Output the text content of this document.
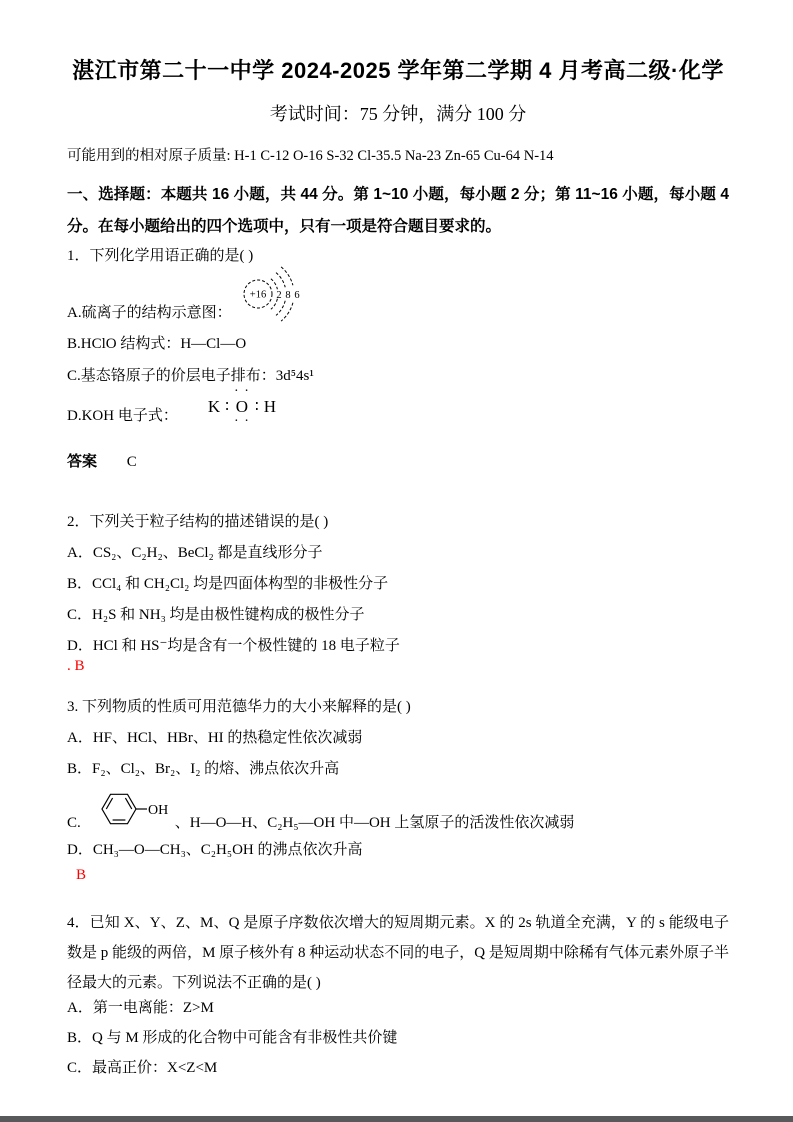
湛江市第二十一中学 2024-2025 学年第二学期 4 月考高二级·化学
考试时间：75 分钟，满分 100 分
可能用到的相对原子质量: H-1 C-12 O-16 S-32 Cl-35.5 Na-23 Zn-65 Cu-64 N-14
一、选择题：本题共 16 小题，共 44 分。第 1~10 小题，每小题 2 分；第 11~16 小题，每小题 4 分。在每小题给出的四个选项中，只有一项是符合题目要求的。
1．下列化学用语正确的是( )
A.硫离子的结构示意图：
+16 2 8 6
B.HClO 结构式：H—Cl—O
C.基态铬原子的价层电子排布：3d⁵4s¹
D.KOH 电子式： K ∶
· ·
O
· ·
∶ H
答案 C
2．下列关于粒子结构的描述错误的是( )
A．CS₂、C₂H₂、BeCl₂ 都是直线形分子
B．CCl₄ 和 CH₂Cl₂ 均是四面体构型的非极性分子
C．H₂S 和 NH₃ 均是由极性键构成的极性分子
D．HCl 和 HS⁻均是含有一个极性键的 18 电子粒子
. B
3. 下列物质的性质可用范德华力的大小来解释的是( )
A．HF、HCl、HBr、HI 的热稳定性依次减弱
B．F₂、Cl₂、Br₂、I₂ 的熔、沸点依次升高
C.
OH
、H—O—H、C₂H₅—OH 中—OH 上氢原子的活泼性依次减弱
D．CH₃—O—CH₃、C₂H₅OH 的沸点依次升高
B
4．已知 X、Y、Z、M、Q 是原子序数依次增大的短周期元素。X 的 2s 轨道全充满，Y 的 s 能级电子数是 p 能级的两倍，M 原子核外有 8 种运动状态不同的电子，Q 是短周期中除稀有气体元素外原子半径最大的元素。下列说法不正确的是( )
A．第一电离能：Z>M
B．Q 与 M 形成的化合物中可能含有非极性共价键
C．最高正价：X<Z<M
